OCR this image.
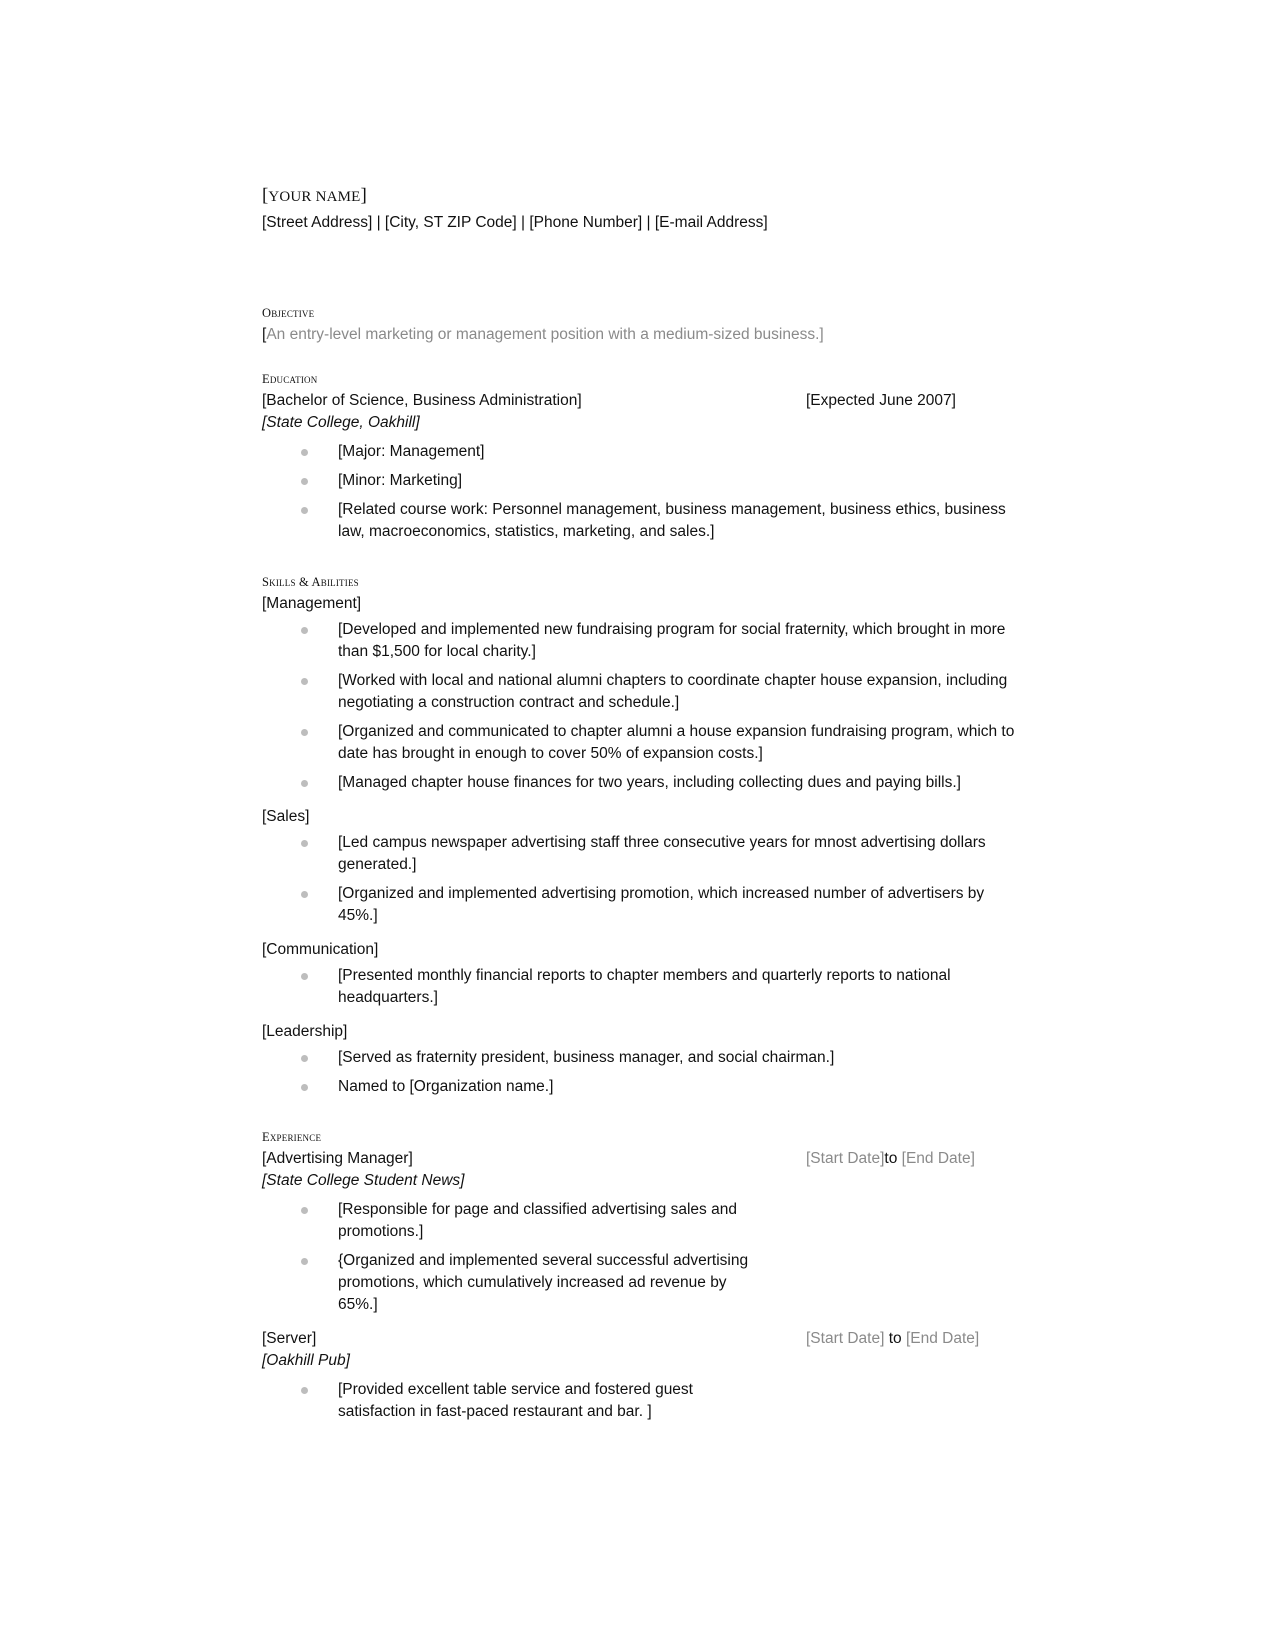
[YOUR NAME]
[Street Address] | [City, ST ZIP Code] | [Phone Number] | [E-mail Address]
Objective
[An entry-level marketing or management position with a medium-sized business.]
Education
[Bachelor of Science, Business Administration]	[Expected June 2007]
[State College, Oakhill]
[Major: Management]
[Minor: Marketing]
[Related course work: Personnel management, business management, business ethics, business law, macroeconomics, statistics, marketing, and sales.]
Skills & Abilities
[Management]
[Developed and implemented new fundraising program for social fraternity, which brought in more than $1,500 for local charity.]
[Worked with local and national alumni chapters to coordinate chapter house expansion, including negotiating a construction contract and schedule.]
[Organized and communicated to chapter alumni a house expansion fundraising program, which to date has brought in enough to cover 50% of expansion costs.]
[Managed chapter house finances for two years, including collecting dues and paying bills.]
[Sales]
[Led campus newspaper advertising staff three consecutive years for mnost advertising dollars generated.]
[Organized and implemented advertising promotion, which increased number of advertisers by 45%.]
[Communication]
[Presented monthly financial reports to chapter members and quarterly reports to national headquarters.]
[Leadership]
[Served as fraternity president, business manager, and social chairman.]
Named to [Organization name.]
Experience
[Advertising Manager]	[Start Date]to [End Date]
[State College Student News]
[Responsible for page and classified advertising sales and promotions.]
{Organized and implemented several successful advertising promotions, which cumulatively increased ad revenue by 65%.]
[Server]	[Start Date] to [End Date]
[Oakhill Pub]
[Provided excellent table service and fostered guest satisfaction in fast-paced restaurant and bar. ]
